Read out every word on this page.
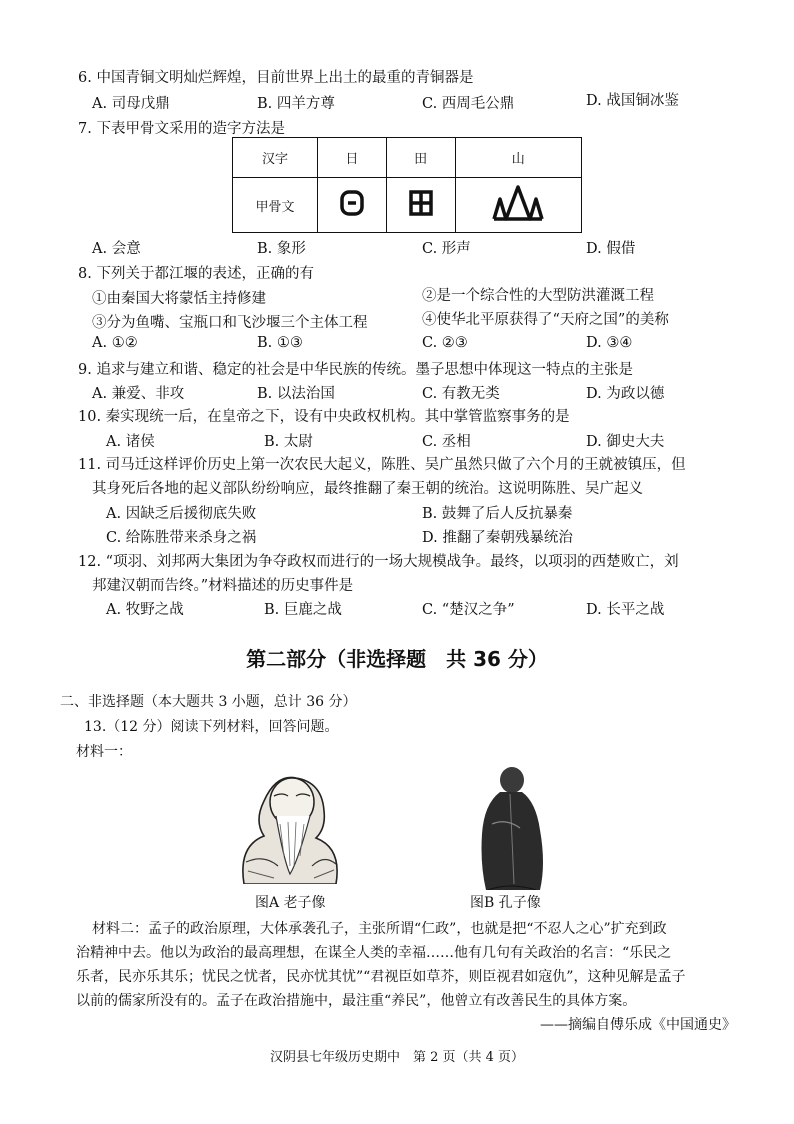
6. 中国青铜文明灿烂辉煌，目前世界上出土的最重的青铜器是
A. 司母戊鼎	B. 四羊方尊	C. 西周毛公鼎	D. 战国铜冰鉴
7. 下表甲骨文采用的造字方法是
汉字	日	田	山
甲骨文			
A. 会意	B. 象形	C. 形声	D. 假借
8. 下列关于都江堰的表述，正确的有
①由秦国大将蒙恬主持修建	②是一个综合性的大型防洪灌溉工程
③分为鱼嘴、宝瓶口和飞沙堰三个主体工程	④使华北平原获得了“天府之国”的美称
A. ①②	B. ①③	C. ②③	D. ③④
9. 追求与建立和谐、稳定的社会是中华民族的传统。墨子思想中体现这一特点的主张是
A. 兼爱、非攻	B. 以法治国	C. 有教无类	D. 为政以德
10. 秦实现统一后，在皇帝之下，设有中央政权机构。其中掌管监察事务的是
A. 诸侯	B. 太尉	C. 丞相	D. 御史大夫
11. 司马迁这样评价历史上第一次农民大起义，陈胜、吴广虽然只做了六个月的王就被镇压，但
其身死后各地的起义部队纷纷响应，最终推翻了秦王朝的统治。这说明陈胜、吴广起义
A. 因缺乏后援彻底失败	B. 鼓舞了后人反抗暴秦
C. 给陈胜带来杀身之祸	D. 推翻了秦朝残暴统治
12. “项羽、刘邦两大集团为争夺政权而进行的一场大规模战争。最终，以项羽的西楚败亡，刘
邦建汉朝而告终。”材料描述的历史事件是
A. 牧野之战	B. 巨鹿之战	C. “楚汉之争”	D. 长平之战
第二部分（非选择题　共 36 分）
二、非选择题（本大题共 3 小题，总计 36 分）
13.（12 分）阅读下列材料，回答问题。
材料一：
图A 老子像	图B 孔子像
材料二：孟子的政治原理，大体承袭孔子，主张所谓“仁政”，也就是把“不忍人之心”扩充到政
治精神中去。他以为政治的最高理想，在谋全人类的幸福……他有几句有关政治的名言：“乐民之
乐者，民亦乐其乐；忧民之忧者，民亦忧其忧”“君视臣如草芥，则臣视君如寇仇”，这种见解是孟子
以前的儒家所没有的。孟子在政治措施中，最注重“养民”，他曾立有改善民生的具体方案。
——摘编自傅乐成《中国通史》
汉阴县七年级历史期中　第 2 页（共 4 页）
